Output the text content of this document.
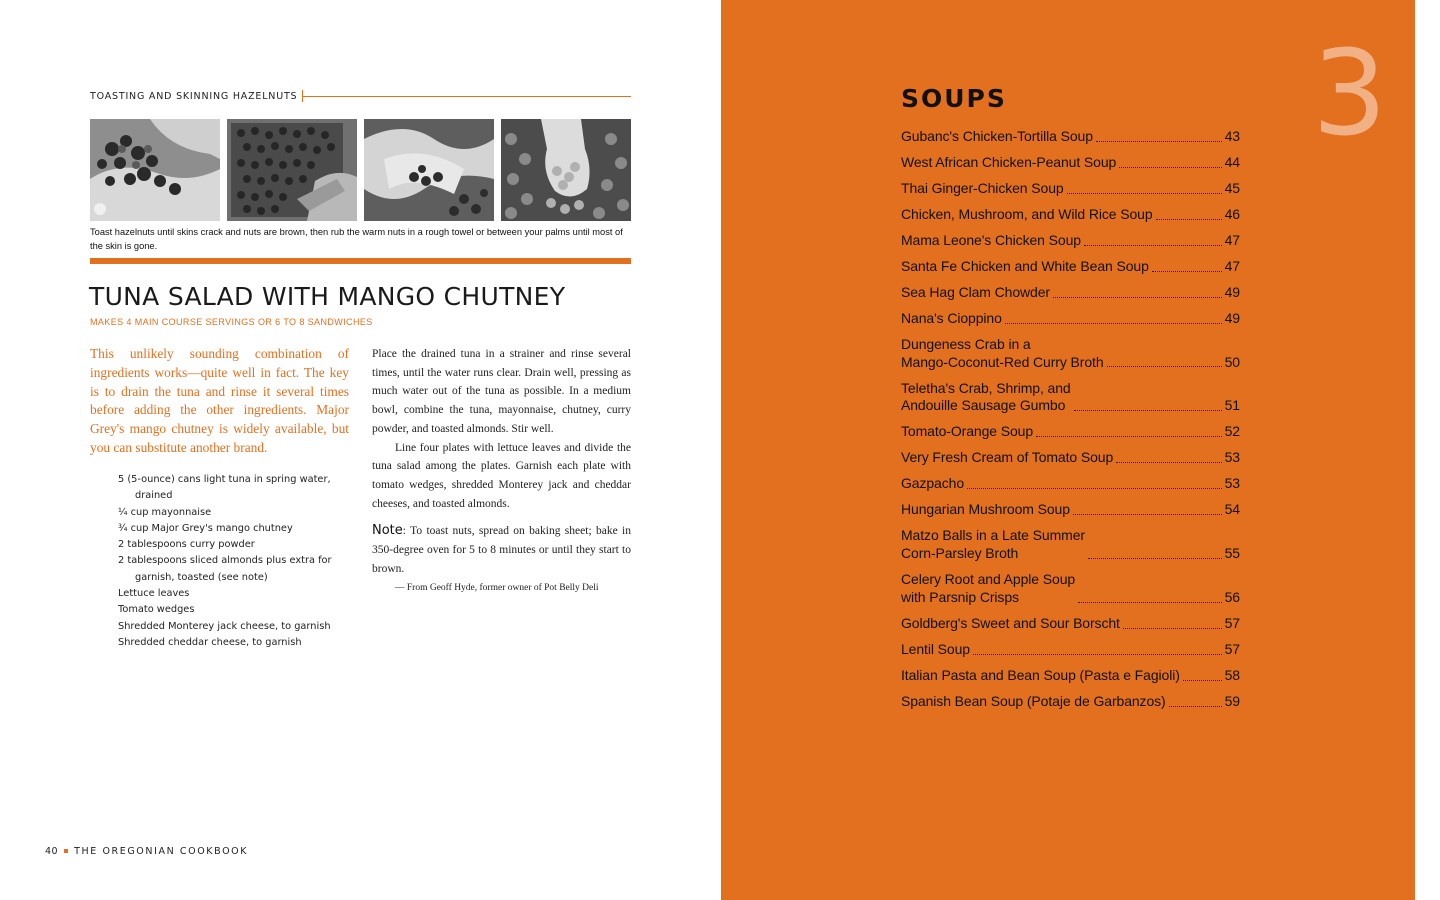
TOASTING AND SKINNING HAZELNUTS
Toast hazelnuts until skins crack and nuts are brown, then rub the warm nuts in a rough towel or between your palms until most of the skin is gone.
TUNA SALAD WITH MANGO CHUTNEY
MAKES 4 MAIN COURSE SERVINGS OR 6 TO 8 SANDWICHES
This unlikely sounding combination of ingredients works—quite well in fact. The key is to drain the tuna and rinse it several times before adding the other ingredients. Major Grey's mango chutney is widely available, but you can substitute another brand.
5 (5-ounce) cans light tuna in spring water, drained
¼ cup mayonnaise
¾ cup Major Grey's mango chutney
2 tablespoons curry powder
2 tablespoons sliced almonds plus extra for garnish, toasted (see note)
Lettuce leaves
Tomato wedges
Shredded Monterey jack cheese, to garnish
Shredded cheddar cheese, to garnish

Place the drained tuna in a strainer and rinse several times, until the water runs clear. Drain well, pressing as much water out of the tuna as possible. In a medium bowl, combine the tuna, mayonnaise, chutney, curry powder, and toasted almonds. Stir well.

Line four plates with lettuce leaves and divide the tuna salad among the plates. Garnish each plate with tomato wedges, shredded Monterey jack and cheddar cheeses, and toasted almonds.

Note: To toast nuts, spread on baking sheet; bake in 350-degree oven for 5 to 8 minutes or until they start to brown.

— From Geoff Hyde, former owner of Pot Belly Deli

40 THE OREGONIAN COOKBOOK
3
SOUPS
Gubanc's Chicken-Tortilla Soup	43
West African Chicken-Peanut Soup	44
Thai Ginger-Chicken Soup	45
Chicken, Mushroom, and Wild Rice Soup	46
Mama Leone's Chicken Soup	47
Santa Fe Chicken and White Bean Soup	47
Sea Hag Clam Chowder	49
Nana's Cioppino	49
Dungeness Crab in a
Mango-Coconut-Red Curry Broth	50
Teletha's Crab, Shrimp, and
Andouille Sausage Gumbo	51
Tomato-Orange Soup	52
Very Fresh Cream of Tomato Soup	53
Gazpacho	53
Hungarian Mushroom Soup	54
Matzo Balls in a Late Summer
Corn-Parsley Broth	55
Celery Root and Apple Soup
with Parsnip Crisps	56
Goldberg's Sweet and Sour Borscht	57
Lentil Soup	57
Italian Pasta and Bean Soup (Pasta e Fagioli)	58
Spanish Bean Soup (Potaje de Garbanzos)	59
